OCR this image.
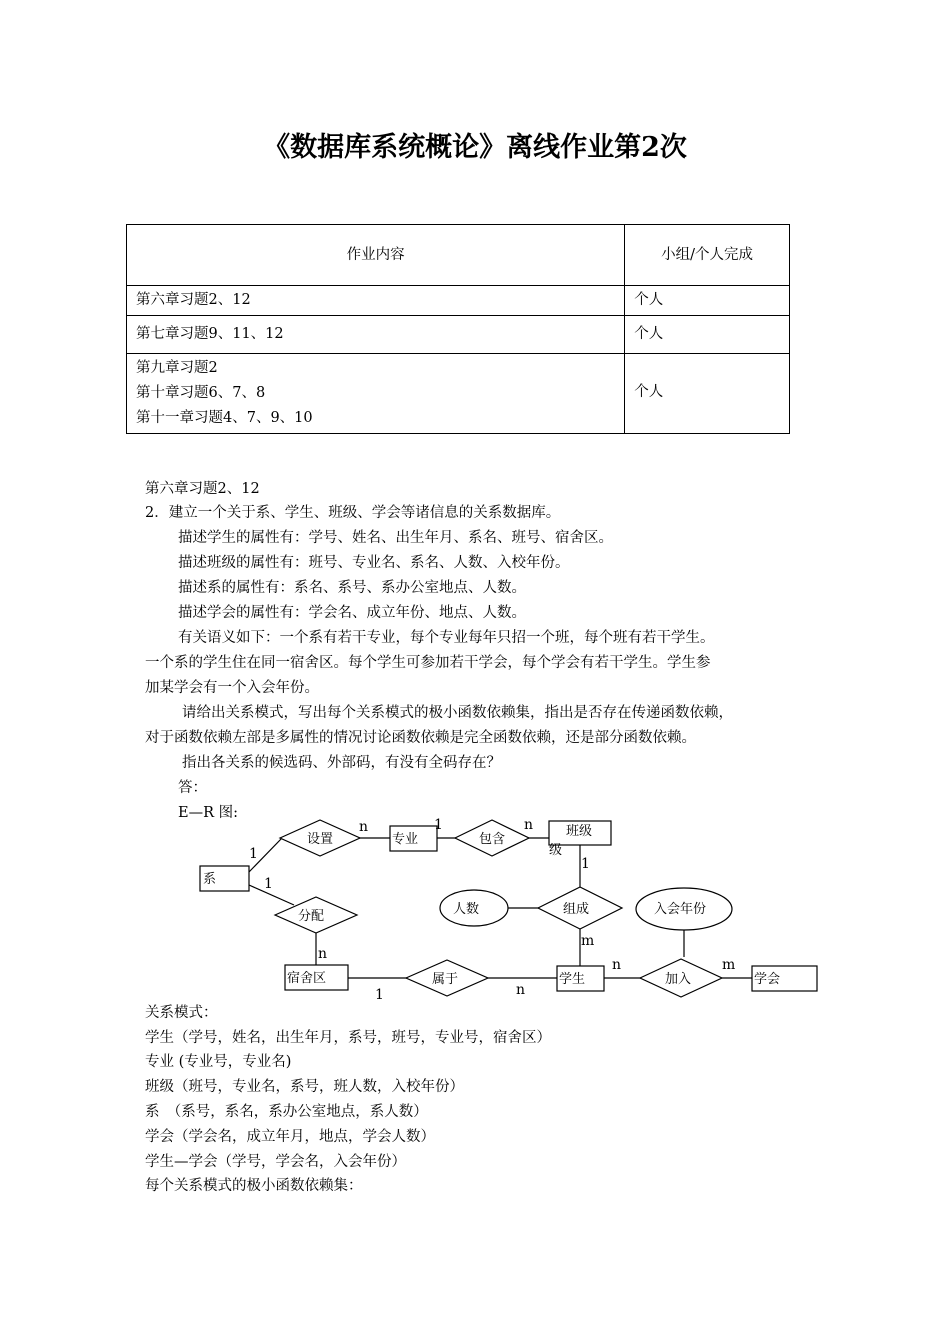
《数据库系统概论》离线作业第2次
作业内容	小组/个人完成

第六章习题2、12	个人

第七章习题9、11、12	个人

第九章习题2
第十章习题6、7、8
第十一章习题4、7、9、10	个人
第六章习题2、12
2．建立一个关于系、学生、班级、学会等诸信息的关系数据库。
描述学生的属性有：学号、姓名、出生年月、系名、班号、宿舍区。
描述班级的属性有：班号、专业名、系名、人数、入校年份。
描述系的属性有：系名、系号、系办公室地点、人数。
描述学会的属性有：学会名、成立年份、地点、人数。
有关语义如下：一个系有若干专业，每个专业每年只招一个班，每个班有若干学生。
一个系的学生住在同一宿舍区。每个学生可参加若干学会，每个学会有若干学生。学生参
加某学会有一个入会年份。
请给出关系模式，写出每个关系模式的极小函数依赖集，指出是否存在传递函数依赖，
对于函数依赖左部是多属性的情况讨论函数依赖是完全函数依赖，还是部分函数依赖。
指出各关系的候选码、外部码，有没有全码存在？
答：
E—R 图:
系
专业
班级
级
宿舍区	学生	学会
设置	包含
分配	组成
属于	加入
人数	入会年份
1
n	1	n
1
n
1
m
1	n
n	m
关系模式：
学生（学号，姓名，出生年月，系号，班号，专业号，宿舍区）
专业 (专业号，专业名)
班级（班号，专业名，系号，班人数，入校年份）
系　（系号，系名，系办公室地点，系人数）
学会（学会名，成立年月，地点，学会人数）
学生—学会（学号，学会名，入会年份）
每个关系模式的极小函数依赖集：
